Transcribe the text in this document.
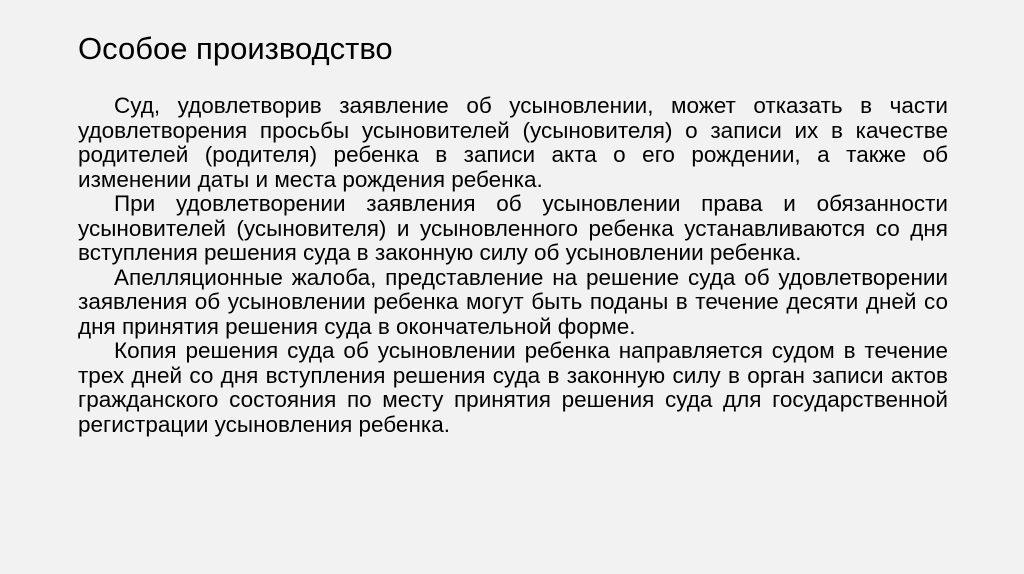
Особое производство

Суд, удовлетворив заявление об усыновлении, может отказать в части удовлетворения просьбы усыновителей (усыновителя) о записи их в качестве родителей (родителя) ребенка в записи акта о его рождении, а также об изменении даты и места рождения ребенка.

При удовлетворении заявления об усыновлении права и обязанности усыновителей (усыновителя) и усыновленного ребенка устанавливаются со дня вступления решения суда в законную силу об усыновлении ребенка.

Апелляционные жалоба, представление на решение суда об удовлетворении заявления об усыновлении ребенка могут быть поданы в течение десяти дней со дня принятия решения суда в окончательной форме.

Копия решения суда об усыновлении ребенка направляется судом в течение трех дней со дня вступления решения суда в законную силу в орган записи актов гражданского состояния по месту принятия решения суда для государственной регистрации усыновления ребенка.
